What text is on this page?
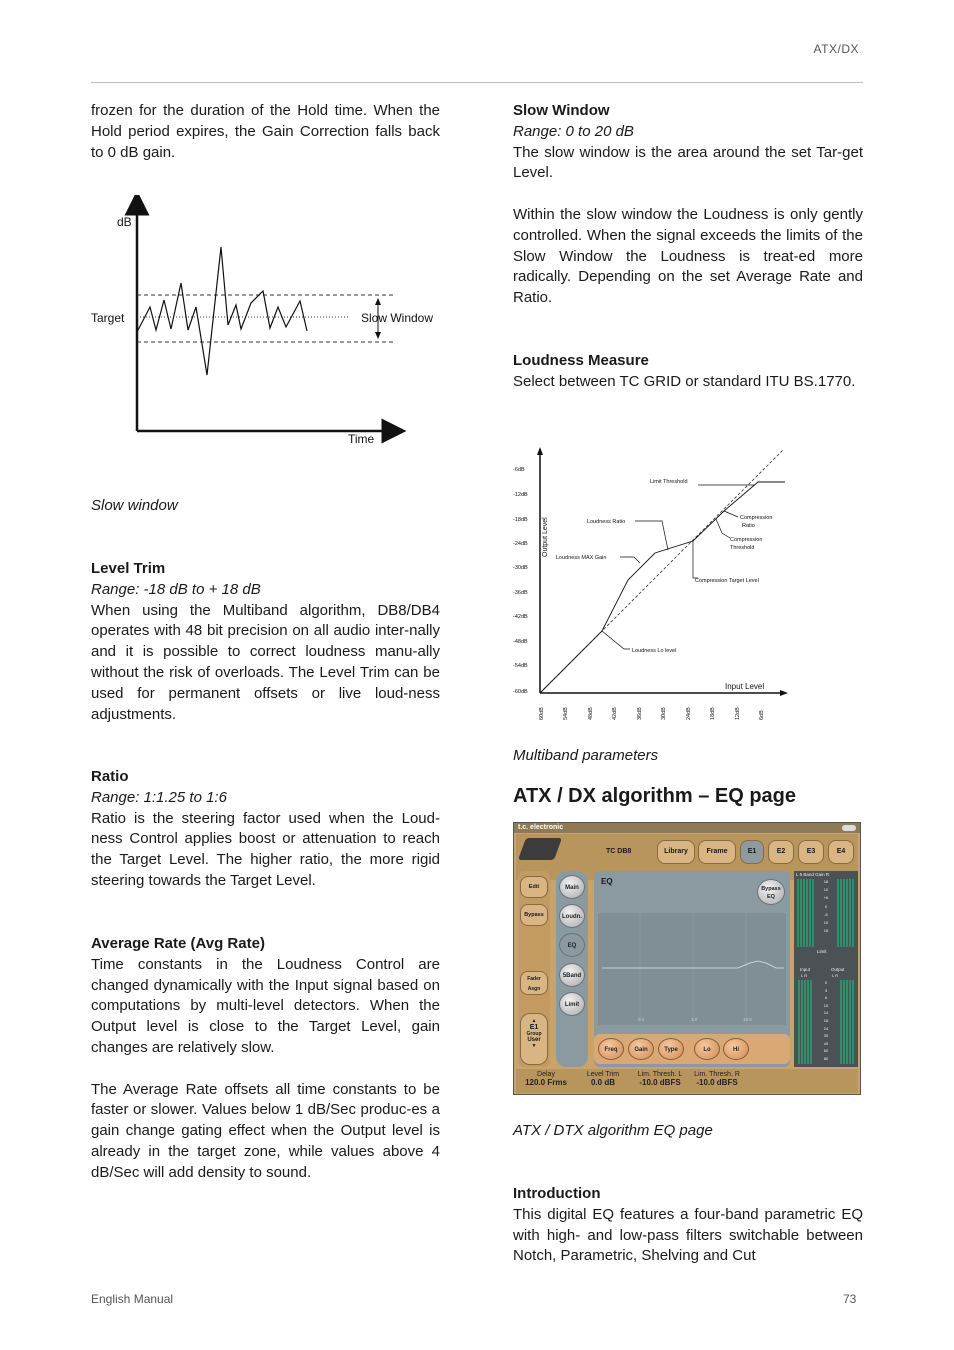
ATX/DX
English Manual	73

frozen for the duration of the Hold time. When the Hold period expires, the Gain Correction falls back to 0 dB gain.

dB
Target	Slow Window
Time
Slow window

Level Trim

Range: -18 dB to + 18 dB

When using the Multiband algorithm, DB8/DB4 operates with 48 bit precision on all audio inter-nally and it is possible to correct loudness manu-ally without the risk of overloads. The Level Trim can be used for permanent offsets or live loud-ness adjustments.

Ratio

Range: 1:1.25 to 1:6

Ratio is the steering factor used when the Loud-ness Control applies boost or attenuation to reach the Target Level. The higher ratio, the more rigid steering towards the Target Level.

Average Rate (Avg Rate)

Time constants in the Loudness Control are changed dynamically with the Input signal based on computations by multi-level detectors. When the Output level is close to the Target Level, gain changes are relatively slow.

The Average Rate offsets all time constants to be faster or slower. Values below 1 dB/Sec produc-es a gain change gating effect when the Output level is already in the target zone, while values above 4 dB/Sec will add density to sound.

Slow Window

Range: 0 to 20 dB

The slow window is the area around the set Tar-get Level.

Within the slow window the Loudness is only gently controlled. When the signal exceeds the limits of the Slow Window the Loudness is treat-ed more radically. Depending on the set Average Rate and Ratio.

Loudness Measure

Select between TC GRID or standard ITU BS.1770.

Output Level
Input Level
-6dB
-12dB
-18dB
-24dB
-30dB
-36dB
-42dB
-48dB
-54dB
-60dB
60dB	54dB	48dB	42dB	36dB	30dB	24dB	18dB	12dB	6dB
Limit Threshold
Compression
Ratio
Compression
Threshold
Loudness Ratio
Loudness MAX Gain
Compression Target Level
Loudness Lo level
Multiband parameters
ATX / DX algorithm – EQ page
t.c. electronic
TC DB8	Library	Frame	E1	E2	E3	E4
Edit
Bypass
Fader Asgn
▲
E1
Group
User
▼
Main
Loudn.
EQ
5Band
Limit
EQ
Bypass
EQ
0.1	1.0	10.0
Freq	Gain	Type	Lo	Hi
L 5 Band Gain R
18
10
+6
0
-6
10
18
Limit
Input	Output
L R	L R
0
3
6
10
14
18
24
30
40
60
80
Delay
120.0 Frms
Level Trim
0.0 dB
Lim. Thresh. L
-10.0 dBFS
Lim. Thresh. R
-10.0 dBFS
ATX / DTX algorithm EQ page

Introduction

This digital EQ features a four-band parametric EQ with high- and low-pass filters switchable between Notch, Parametric, Shelving and Cut
